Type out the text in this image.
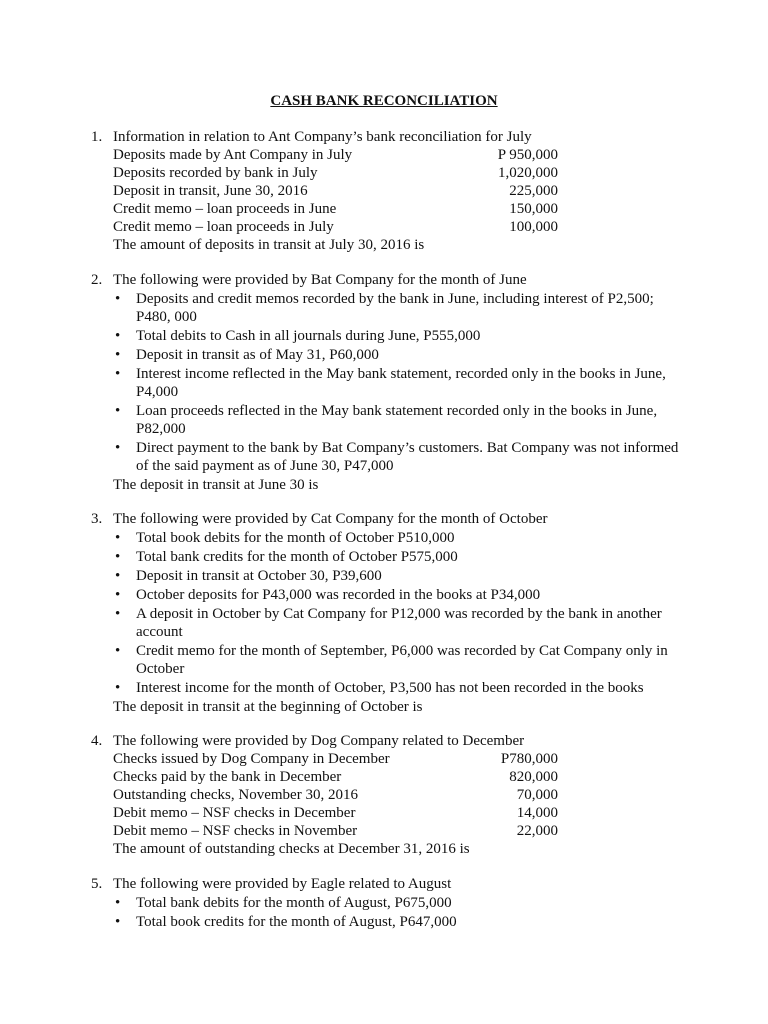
CASH BANK RECONCILIATION
1. Information in relation to Ant Company’s bank reconciliation for July
Deposits made by Ant Company in July	P 950,000
Deposits recorded by bank in July	1,020,000
Deposit in transit, June 30, 2016	225,000
Credit memo – loan proceeds in June	150,000
Credit memo – loan proceeds in July	100,000
The amount of deposits in transit at July 30, 2016 is
2. The following were provided by Bat Company for the month of June
• Deposits and credit memos recorded by the bank in June, including interest of P2,500; P480, 000
• Total debits to Cash in all journals during June, P555,000
• Deposit in transit as of May 31, P60,000
• Interest income reflected in the May bank statement, recorded only in the books in June, P4,000
• Loan proceeds reflected in the May bank statement recorded only in the books in June, P82,000
• Direct payment to the bank by Bat Company’s customers. Bat Company was not informed of the said payment as of June 30, P47,000
The deposit in transit at June 30 is
3. The following were provided by Cat Company for the month of October
• Total book debits for the month of October P510,000
• Total bank credits for the month of October P575,000
• Deposit in transit at October 30, P39,600
• October deposits for P43,000 was recorded in the books at P34,000
• A deposit in October by Cat Company for P12,000 was recorded by the bank in another account
• Credit memo for the month of September, P6,000 was recorded by Cat Company only in October
• Interest income for the month of October, P3,500 has not been recorded in the books
The deposit in transit at the beginning of October is
4. The following were provided by Dog Company related to December
Checks issued by Dog Company in December	P780,000
Checks paid by the bank in December	820,000
Outstanding checks, November 30, 2016	70,000
Debit memo – NSF checks in December	14,000
Debit memo – NSF checks in November	22,000
The amount of outstanding checks at December 31, 2016 is
5. The following were provided by Eagle related to August
• Total bank debits for the month of August, P675,000
• Total book credits for the month of August, P647,000
